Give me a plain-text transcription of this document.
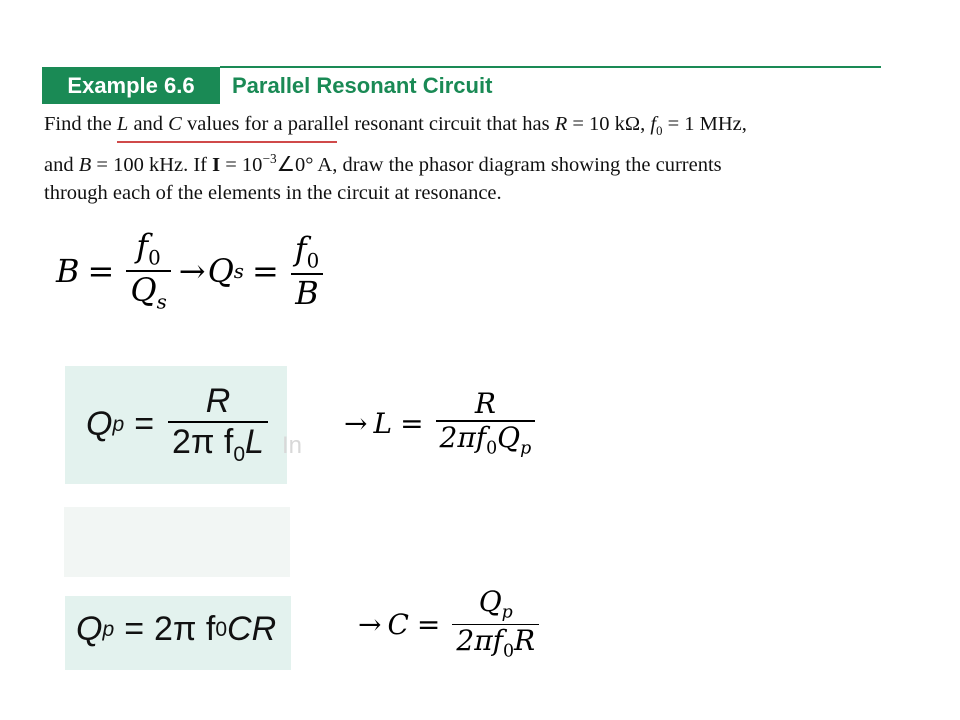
Example 6.6	Parallel Resonant Circuit
Find the L and C values for a parallel resonant circuit that has R = 10 kΩ, $f_0 = 1$ MHz,
and B = 100 kHz. If $I = 10^{-3}\angle 0^\circ$ A, draw the phasor diagram showing the currents
through each of the elements in the circuit at resonance.
$B = \frac{f_0}{Q_s} \to Q$ $s = \frac{f_0}{B}$
In
Q $p = \frac{R}{2\pi f_0L}$	→ $L = \frac{R}{2\pi f_0Q_p}$
Q p = 2π f 0 CR	→ $C = \frac{Q_p}{2\pi f_0R}$
